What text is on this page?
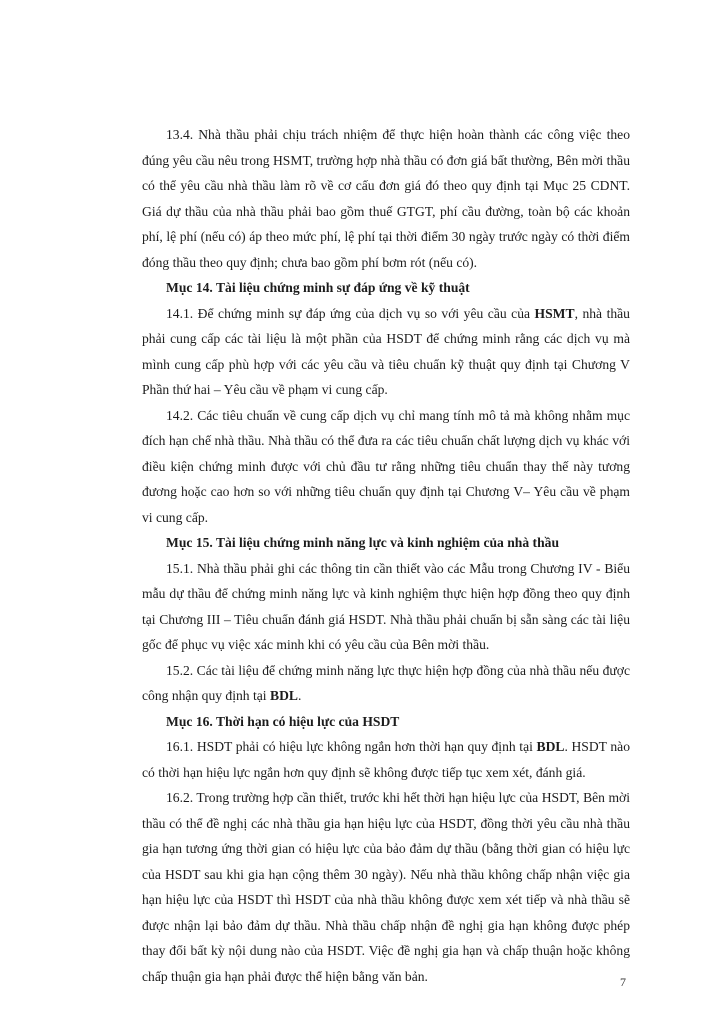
13.4. Nhà thầu phải chịu trách nhiệm để thực hiện hoàn thành các công việc theo đúng yêu cầu nêu trong HSMT, trường hợp nhà thầu có đơn giá bất thường, Bên mời thầu có thể yêu cầu nhà thầu làm rõ về cơ cấu đơn giá đó theo quy định tại Mục 25 CDNT. Giá dự thầu của nhà thầu phải bao gồm thuế GTGT, phí cầu đường, toàn bộ các khoản phí, lệ phí (nếu có) áp theo mức phí, lệ phí tại thời điểm 30 ngày trước ngày có thời điểm đóng thầu theo quy định; chưa bao gồm phí bơm rót (nếu có).

Mục 14. Tài liệu chứng minh sự đáp ứng về kỹ thuật

14.1. Để chứng minh sự đáp ứng của dịch vụ so với yêu cầu của HSMT, nhà thầu phải cung cấp các tài liệu là một phần của HSDT để chứng minh rằng các dịch vụ mà mình cung cấp phù hợp với các yêu cầu và tiêu chuẩn kỹ thuật quy định tại Chương V Phần thứ hai – Yêu cầu về phạm vi cung cấp.

14.2. Các tiêu chuẩn về cung cấp dịch vụ chỉ mang tính mô tả mà không nhằm mục đích hạn chế nhà thầu. Nhà thầu có thể đưa ra các tiêu chuẩn chất lượng dịch vụ khác với điều kiện chứng minh được với chủ đầu tư rằng những tiêu chuẩn thay thế này tương đương hoặc cao hơn so với những tiêu chuẩn quy định tại Chương V– Yêu cầu về phạm vi cung cấp.

Mục 15. Tài liệu chứng minh năng lực và kinh nghiệm của nhà thầu

15.1. Nhà thầu phải ghi các thông tin cần thiết vào các Mẫu trong Chương IV - Biểu mẫu dự thầu để chứng minh năng lực và kinh nghiệm thực hiện hợp đồng theo quy định tại Chương III – Tiêu chuẩn đánh giá HSDT. Nhà thầu phải chuẩn bị sẵn sàng các tài liệu gốc để phục vụ việc xác minh khi có yêu cầu của Bên mời thầu.

15.2. Các tài liệu để chứng minh năng lực thực hiện hợp đồng của nhà thầu nếu được công nhận quy định tại BDL.

Mục 16. Thời hạn có hiệu lực của HSDT

16.1. HSDT phải có hiệu lực không ngắn hơn thời hạn quy định tại BDL. HSDT nào có thời hạn hiệu lực ngắn hơn quy định sẽ không được tiếp tục xem xét, đánh giá.

16.2. Trong trường hợp cần thiết, trước khi hết thời hạn hiệu lực của HSDT, Bên mời thầu có thể đề nghị các nhà thầu gia hạn hiệu lực của HSDT, đồng thời yêu cầu nhà thầu gia hạn tương ứng thời gian có hiệu lực của bảo đảm dự thầu (bằng thời gian có hiệu lực của HSDT sau khi gia hạn cộng thêm 30 ngày). Nếu nhà thầu không chấp nhận việc gia hạn hiệu lực của HSDT thì HSDT của nhà thầu không được xem xét tiếp và nhà thầu sẽ được nhận lại bảo đảm dự thầu. Nhà thầu chấp nhận đề nghị gia hạn không được phép thay đổi bất kỳ nội dung nào của HSDT. Việc đề nghị gia hạn và chấp thuận hoặc không chấp thuận gia hạn phải được thể hiện bằng văn bản.	7
